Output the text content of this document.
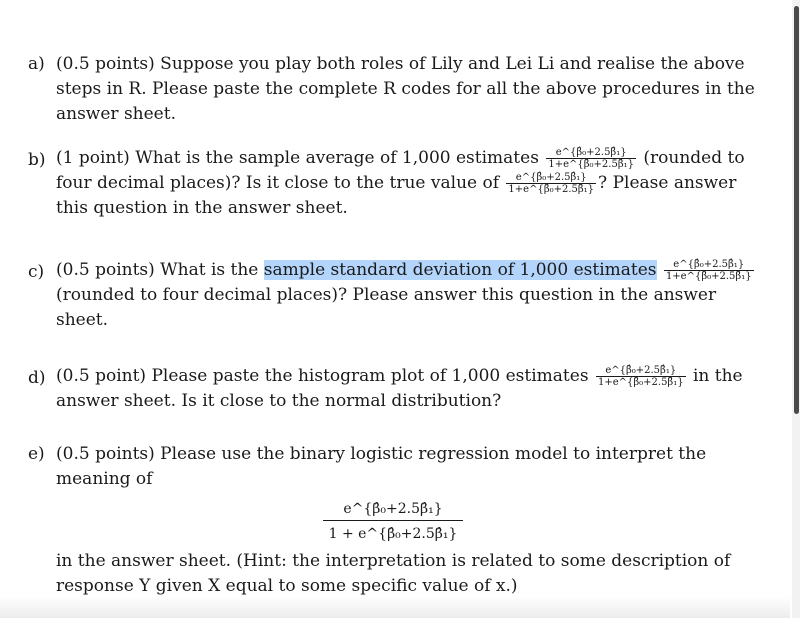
a) (0.5 points) Suppose you play both roles of Lily and Lei Li and realise the above
steps in R. Please paste the complete R codes for all the above procedures in the
answer sheet.
b) (1 point) What is the sample average of 1,000 estimates $\frac{\text{e\textasciicircum{}\{β̂₀+2.5β̂₁\}}}{\text{1+e\textasciicircum{}\{β̂₀+2.5β̂₁\}}}$ (rounded to
four decimal places)? Is it close to the true value of $\frac{\text{e\textasciicircum{}\{β̂₀+2.5β̂₁\}}}{\text{1+e\textasciicircum{}\{β̂₀+2.5β̂₁\}}}$ ? Please answer
this question in the answer sheet.
c) (0.5 points) What is the sample standard deviation of 1,000 estimates $\frac{\text{e\textasciicircum{}\{β̂₀+2.5β̂₁\}}}{\text{1+e\textasciicircum{}\{β̂₀+2.5β̂₁\}}}$
(rounded to four decimal places)? Please answer this question in the answer
sheet.
d) (0.5 point) Please paste the histogram plot of 1,000 estimates $\frac{\text{e\textasciicircum{}\{β̂₀+2.5β̂₁\}}}{\text{1+e\textasciicircum{}\{β̂₀+2.5β̂₁\}}}$ in the
answer sheet. Is it close to the normal distribution?
e) (0.5 points) Please use the binary logistic regression model to interpret the
meaning of
$\frac{\text{e\textasciicircum{}\{β̂₀+2.5β̂₁\}}}{\text{1 + e\textasciicircum{}\{β̂₀+2.5β̂₁\}}}$
in the answer sheet. (Hint: the interpretation is related to some description of
response Y given X equal to some specific value of x.)
